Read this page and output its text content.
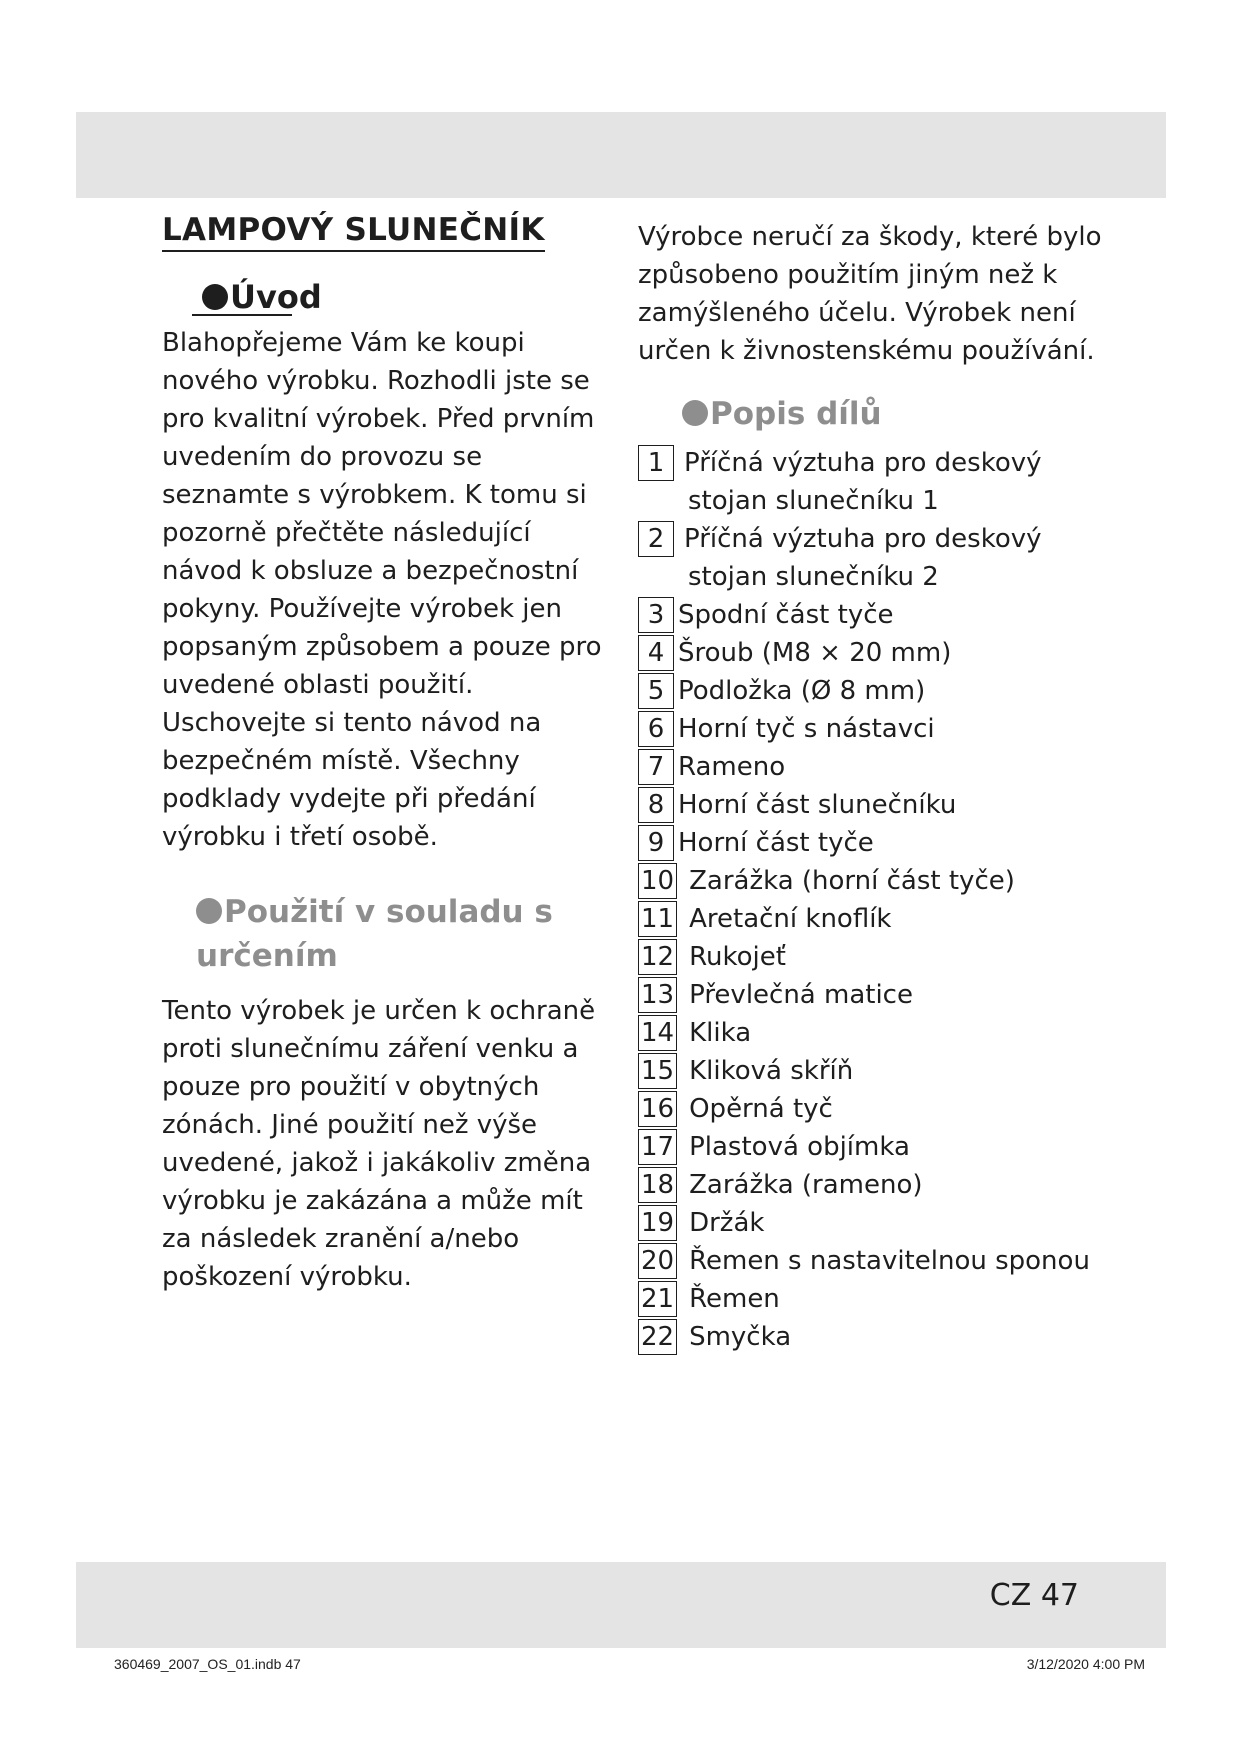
LAMPOVÝ SLUNEČNÍK
Úvod

Blahopřejeme Vám ke koupi nového výrobku. Rozhodli jste se pro kvalitní výrobek. Před prvním uvedením do provozu se seznamte s výrobkem. K tomu si pozorně přečtěte následující návod k obsluze a bezpečnostní pokyny. Používejte výrobek jen popsaným způsobem a pouze pro uvedené oblasti použití. Uschovejte si tento návod na bezpečném místě. Všechny podklady vydejte při předání výrobku i třetí osobě.

Použití v souladu s určením

Tento výrobek je určen k ochraně proti slunečnímu záření venku a pouze pro použití v obytných zónách. Jiné použití než výše uvedené, jakož i jakákoliv změna výrobku je zakázána a může mít za následek zranění a/nebo poškození výrobku.

Výrobce neručí za škody, které bylo způsobeno použitím jiným než k zamýšleného účelu. Výrobek není určen k živnostenskému používání.

Popis dílů
1 Příčná výztuha pro deskový
stojan slunečníku 1
2 Příčná výztuha pro deskový
stojan slunečníku 2
3 Spodní část tyče
4 Šroub (M8 × 20 mm)
5 Podložka (Ø 8 mm)
6 Horní tyč s nástavci
7 Rameno
8 Horní část slunečníku
9 Horní část tyče
10 Zarážka (horní část tyče)
11 Aretační knoflík
12 Rukojeť
13 Převlečná matice
14 Klika
15 Kliková skříň
16 Opěrná tyč
17 Plastová objímka
18 Zarážka (rameno)
19 Držák
20 Řemen s nastavitelnou sponou
21 Řemen
22 Smyčka
CZ 47
360469_2007_OS_01.indb 47	3/12/2020 4:00 PM
